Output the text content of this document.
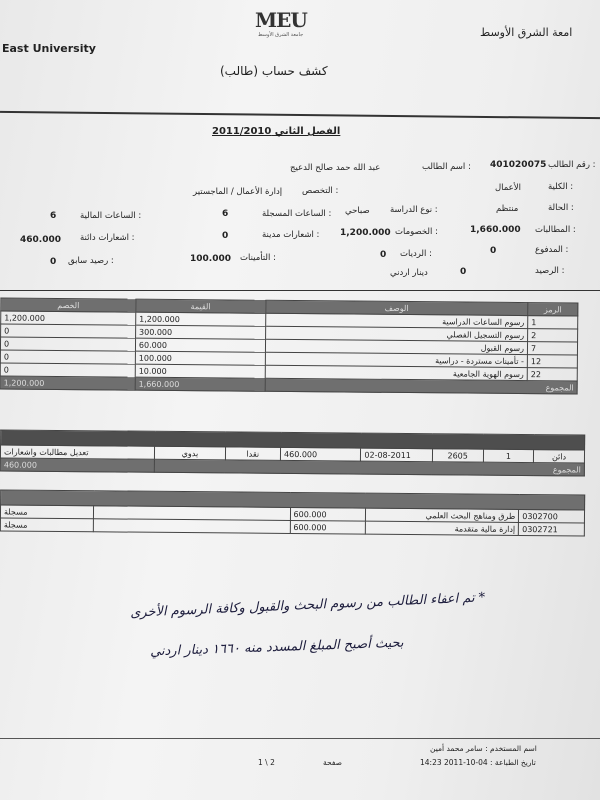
MEU
جامعة الشرق الأوسط
East University
امعة الشرق الأوسط
كشف حساب (طالب)
الفصل الثاني 2011/2010
رقم الطالب :
401020075
اسم الطالب :
عبد الله حمد صالح الدعيج
الكلية :
الأعمال
التخصص :
إدارة الأعمال / الماجستير
الحالة :
منتظم
نوع الدراسة :
صباحي
الساعات المسجلة :
6
الساعات المالية :
6
المطالبات :
1,660.000
الخصومات :
1,200.000
اشعارات مدينة :
0
اشعارات دائنة :
460.000
المدفوع :
0
الرديات :
0
التأمينات :
100.000
رصيد سابق :
0
الرصيد :
0
دينار اردني
الخصم	القيمة	الوصف	الرمز
1,200.000	1,200.000	رسوم الساعات الدراسية	1
0	300.000	رسوم التسجيل الفصلي	2
0	60.000	رسوم القبول	7
0	100.000	تأمينات مستردة - دراسية -	12
0	10.000	رسوم الهوية الجامعية	22
1,200.000	1,660.000	المجموع	

تعديل مطالبات واشعارات	يدوي	نقدا	460.000	02-08-2011	2605	1	دائن
460.000	المجموع						

مسجلة		600.000	طرق ومناهج البحث العلمي	0302700
مسجلة		600.000	إدارة مالية متقدمة	0302721
* تم اعفاء الطالب من رسوم البحث والقبول وكافة الرسوم الأخرى
بحيث أصبح المبلغ المسدد منه ١٦٦٠ دينار اردني
اسم المستخدم : سامر محمد أمين
تاريخ الطباعة : 04-10-2011 14:23
صفحة
1 \ 2
